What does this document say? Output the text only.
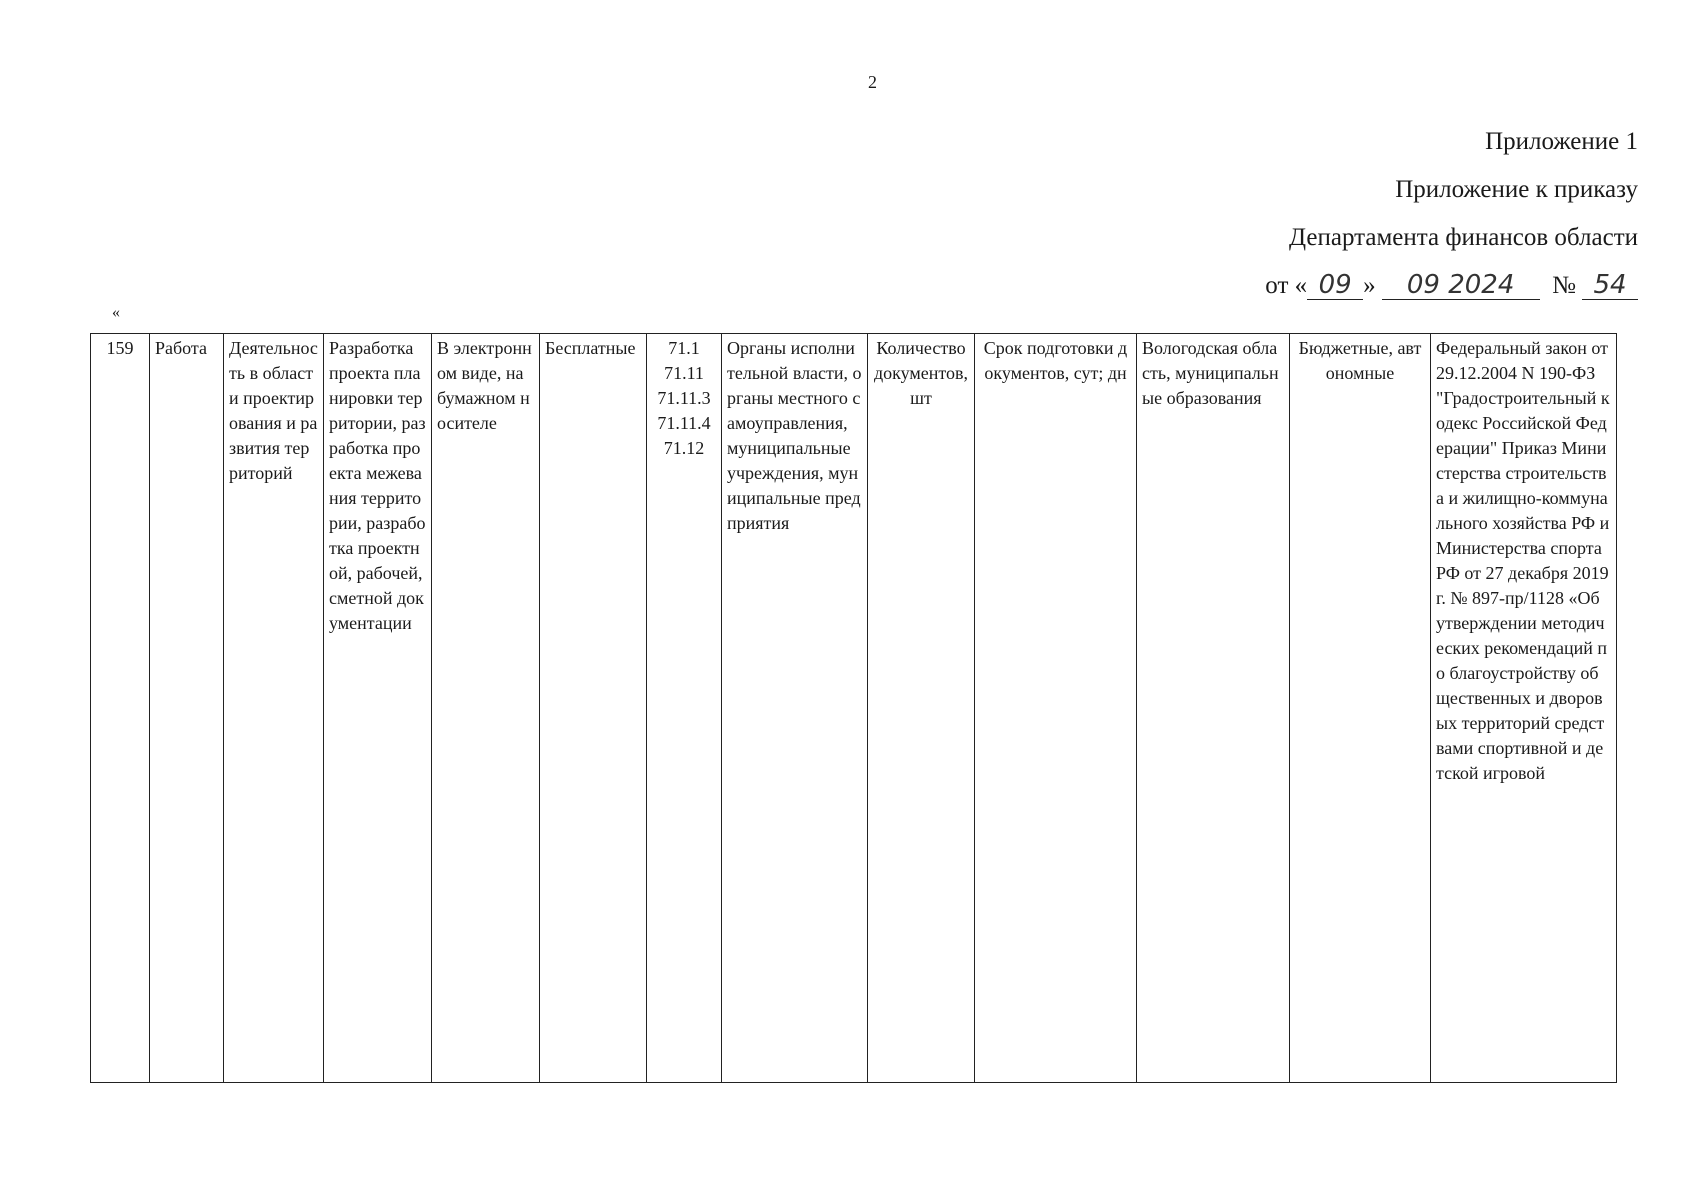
2
Приложение 1
Приложение к приказу
Департамента финансов области
от « 09 » 09 2024 № 54
«
159	Работа	Деятельность в области проектирования и развития территорий	Разработка проекта планировки территории, разработка проекта межевания территории, разработка проектной, рабочей, сметной документации	В электронном виде, на бумажном носителе	Бесплатные	71.1
71.11
71.11.3
71.11.4
71.12	Органы исполнительной власти, органы местного самоуправления, муниципальные учреждения, муниципальные предприятия	Количество документов, шт	Срок подготовки документов, сут; дн	Вологодская область, муниципальные образования	Бюджетные, автономные	Федеральный закон от 29.12.2004 N 190-ФЗ "Градостроительный кодекс Российской Федерации" Приказ Министерства строительства и жилищно-коммунального хозяйства РФ и Министерства спорта РФ от 27 декабря 2019 г. № 897-пр/1128 «Об утверждении методических рекомендаций по благоустройству общественных и дворовых территорий средствами спортивной и детской игровой
